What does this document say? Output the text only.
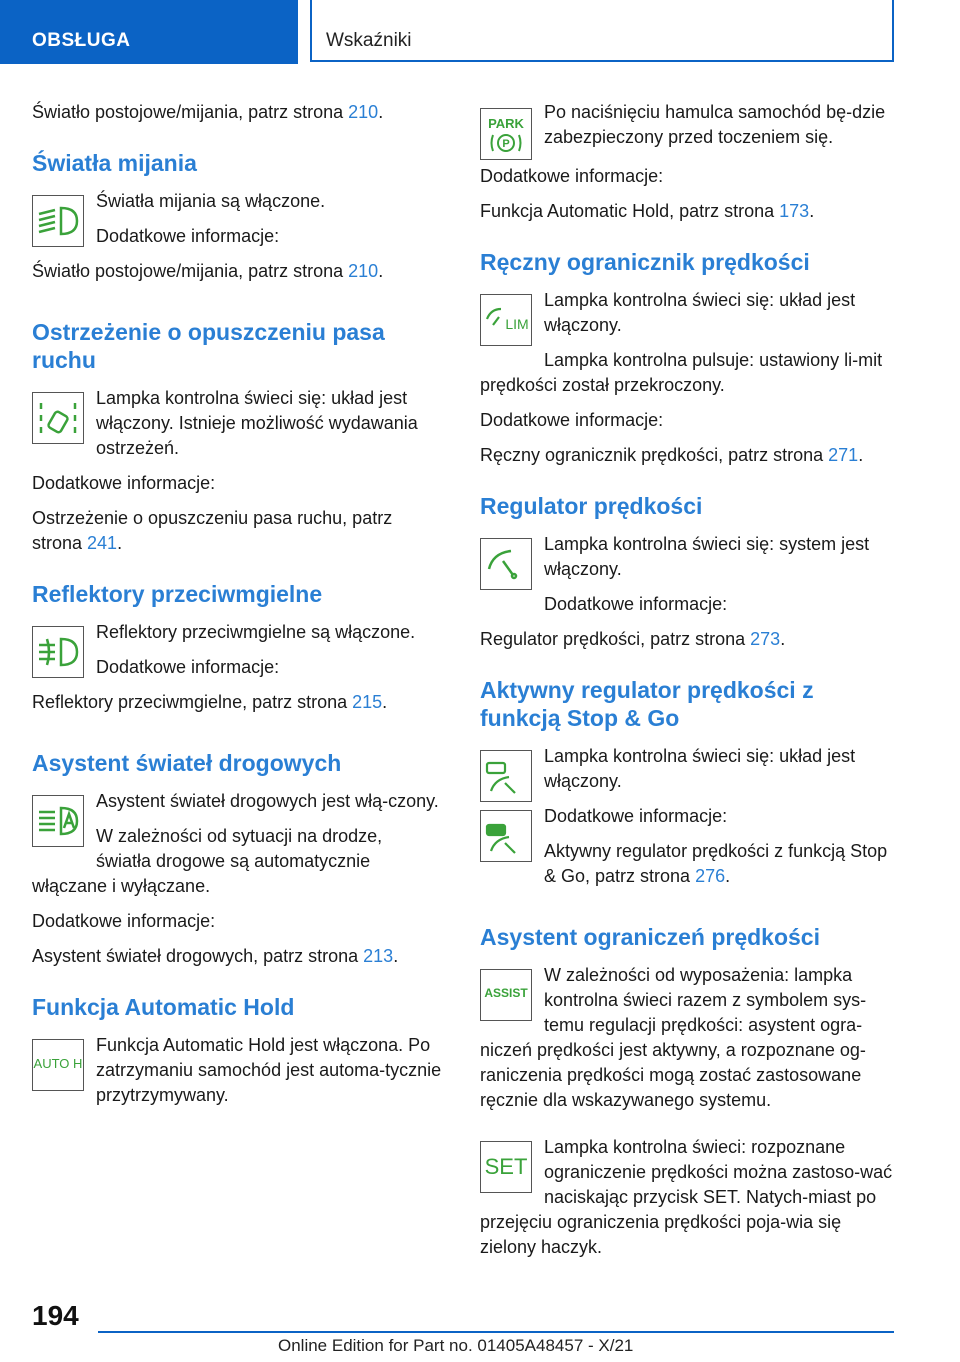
OBSŁUGA	Wskaźniki

Światło postojowe/mijania, patrz strona 210.

Światła mijania

Światła mijania są włączone.

Dodatkowe informacje:

Światło postojowe/mijania, patrz strona 210.

Ostrzeżenie o opuszczeniu pasa ruchu

Lampka kontrolna świeci się: układ jest włączony. Istnieje możliwość wydawania ostrzeżeń.

Dodatkowe informacje:

Ostrzeżenie o opuszczeniu pasa ruchu, patrz strona 241.

Reflektory przeciwmgielne

Reflektory przeciwmgielne są włączone.

Dodatkowe informacje:

Reflektory przeciwmgielne, patrz strona 215.

Asystent świateł drogowych

Asystent świateł drogowych jest włą-czony.

W zależności od sytuacji na drodze, światła drogowe są automatycznie włączane i wyłączane.

Dodatkowe informacje:

Asystent świateł drogowych, patrz strona 213.

Funkcja Automatic Hold
AUTO H

Funkcja Automatic Hold jest włączona. Po zatrzymaniu samochód jest automa-tycznie przytrzymywany.

PARK
P

Po naciśnięciu hamulca samochód bę-dzie zabezpieczony przed toczeniem się.

Dodatkowe informacje:

Funkcja Automatic Hold, patrz strona 173.

Ręczny ogranicznik prędkości
LIM

Lampka kontrolna świeci się: układ jest włączony.

Lampka kontrolna pulsuje: ustawiony li-mit prędkości został przekroczony.

Dodatkowe informacje:

Ręczny ogranicznik prędkości, patrz strona 271.

Regulator prędkości

Lampka kontrolna świeci się: system jest włączony.

Dodatkowe informacje:

Regulator prędkości, patrz strona 273.

Aktywny regulator prędkości z funkcją Stop & Go

Lampka kontrolna świeci się: układ jest włączony.

Dodatkowe informacje:

Aktywny regulator prędkości z funkcją Stop & Go, patrz strona 276.

Asystent ograniczeń prędkości
ASSIST

W zależności od wyposażenia: lampka kontrolna świeci razem z symbolem sys-temu regulacji prędkości: asystent ogra-niczeń prędkości jest aktywny, a rozpoznane og-raniczenia prędkości mogą zostać zastosowane ręcznie dla wskazywanego systemu.

SET

Lampka kontrolna świeci: rozpoznane ograniczenie prędkości można zastoso-wać naciskając przycisk SET. Natych-miast po przejęciu ograniczenia prędkości poja-wia się zielony haczyk.

194
Online Edition for Part no. 01405A48457 - X/21
